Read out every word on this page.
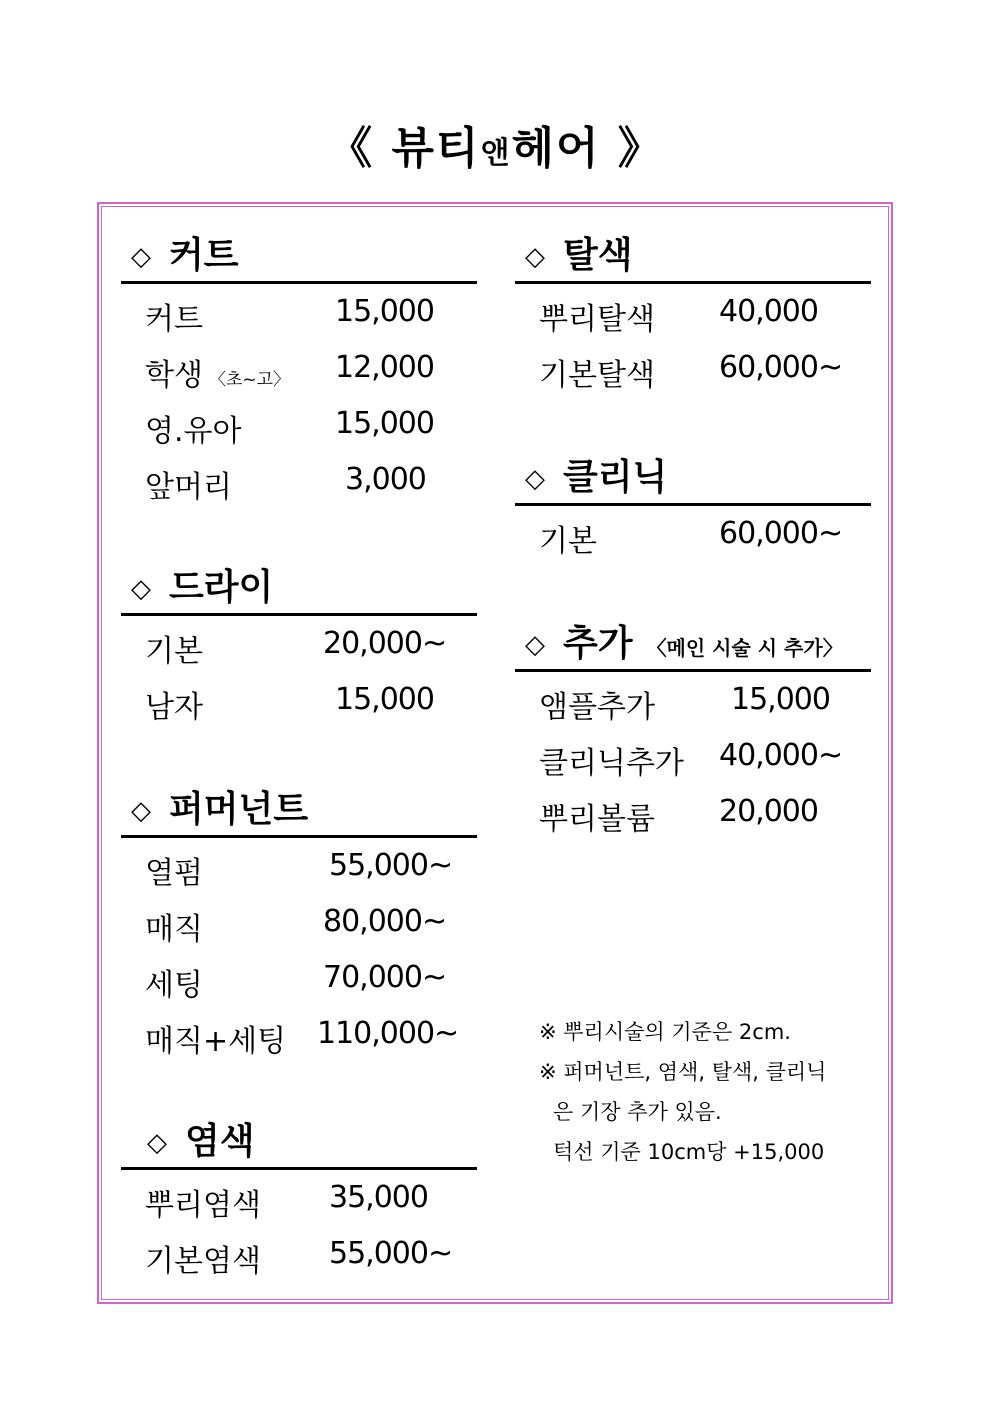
《 뷰티앤헤어 》
◇ 커트
커트	15,000
학생 〈초~고〉 12,000
영.유아	15,000
앞머리	3,000
◇ 드라이
기본	20,000~
남자	15,000
◇ 퍼머넌트
열펌	55,000~
매직	80,000~
세팅	70,000~
매직+세팅 110,000~
◇ 염색
뿌리염색 35,000
기본염색 55,000~
◇ 탈색
뿌리탈색 40,000
기본탈색 60,000~
◇ 클리닉
기본	60,000~
◇ 추가 〈메인 시술 시 추가〉
앰플추가	15,000
클리닉추가 40,000~
뿌리볼륨 20,000
※ 뿌리시술의 기준은 2cm.
※ 퍼머넌트, 염색, 탈색, 클리닉
은 기장 추가 있음.
턱선 기준 10cm당 +15,000
